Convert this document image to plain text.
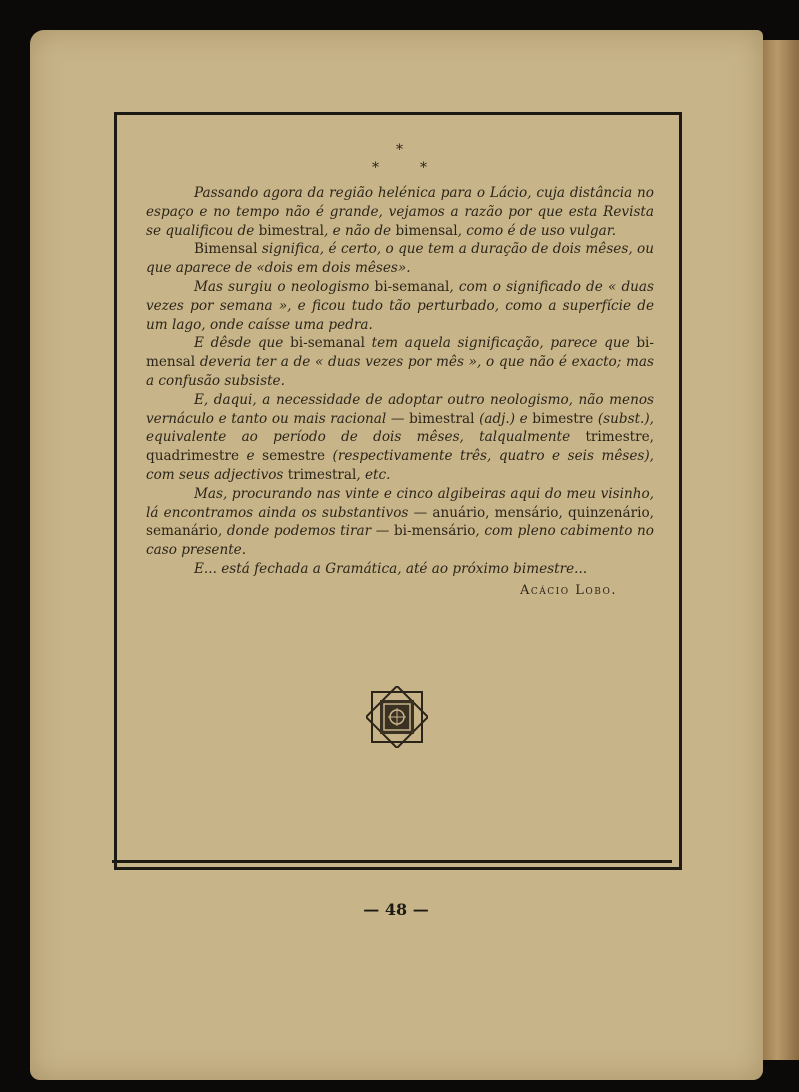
*
*	*

Passando agora da região helénica para o Lácio, cuja distância no espaço e no tempo não é grande, vejamos a razão por que esta Revista se qualificou de bimestral, e não de bimensal, como é de uso vulgar.

Bimensal significa, é certo, o que tem a duração de dois mêses, ou que aparece de «dois em dois mêses».

Mas surgiu o neologismo bi-semanal, com o significado de « duas vezes por semana », e ficou tudo tão perturbado, como a superfície de um lago, onde caísse uma pedra.

E dêsde que bi-semanal tem aquela significação, parece que bi-mensal deveria ter a de « duas vezes por mês », o que não é exacto; mas a confusão subsiste.

E, daqui, a necessidade de adoptar outro neologismo, não menos vernáculo e tanto ou mais racional — bimestral (adj.) e bimestre (subst.), equivalente ao período de dois mêses, talqualmente trimestre, quadrimestre e semestre (respectivamente três, quatro e seis mêses), com seus adjectivos trimestral, etc.

Mas, procurando nas vinte e cinco algibeiras aqui do meu visinho, lá encontramos ainda os substantivos — anuário, mensário, quinzenário, semanário, donde podemos tirar — bi-mensário, com pleno cabimento no caso presente.

E... está fechada a Gramática, até ao próximo bimestre...

Acácio Lobo.
— 48 —
